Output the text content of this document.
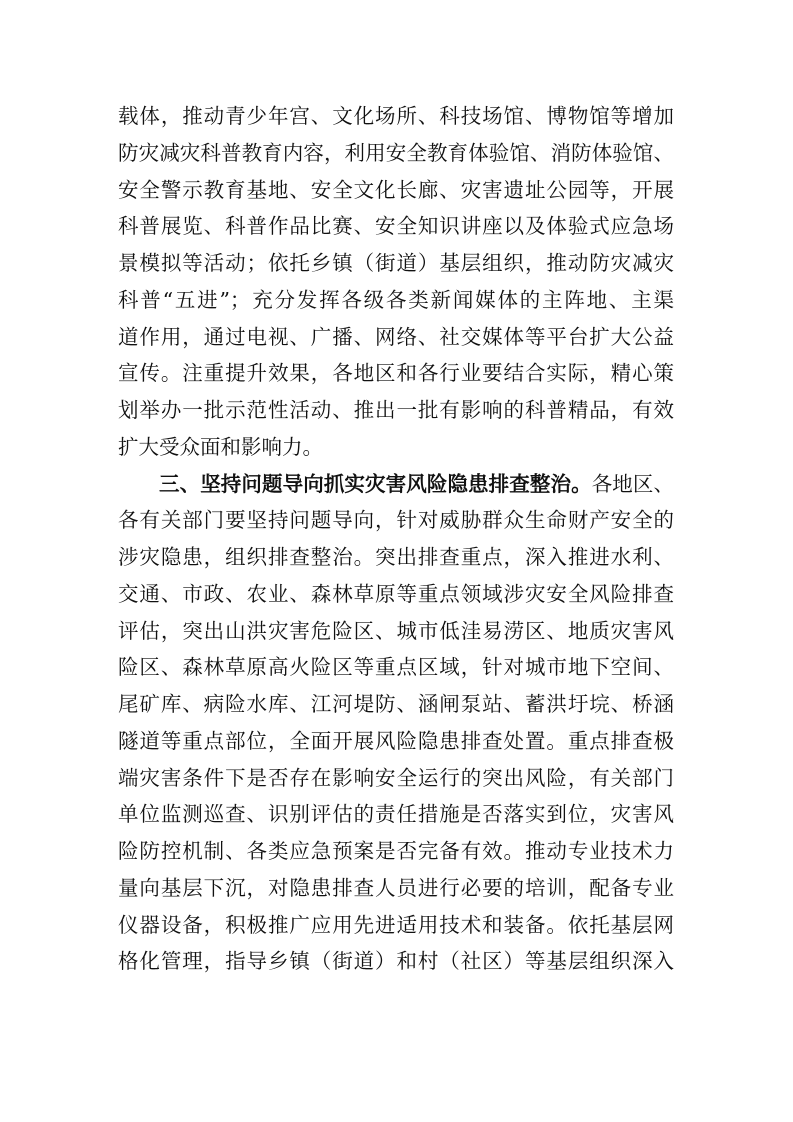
载体，推动青少年宫、文化场所、科技场馆、博物馆等增加
防灾减灾科普教育内容，利用安全教育体验馆、消防体验馆、
安全警示教育基地、安全文化长廊、灾害遗址公园等，开展
科普展览、科普作品比赛、安全知识讲座以及体验式应急场
景模拟等活动；依托乡镇（街道）基层组织，推动防灾减灾
科普“五进”；充分发挥各级各类新闻媒体的主阵地、主渠
道作用，通过电视、广播、网络、社交媒体等平台扩大公益
宣传。注重提升效果，各地区和各行业要结合实际，精心策
划举办一批示范性活动、推出一批有影响的科普精品，有效
扩大受众面和影响力。
三、坚持问题导向抓实灾害风险隐患排查整治。各地区、
各有关部门要坚持问题导向，针对威胁群众生命财产安全的
涉灾隐患，组织排查整治。突出排查重点，深入推进水利、
交通、市政、农业、森林草原等重点领域涉灾安全风险排查
评估，突出山洪灾害危险区、城市低洼易涝区、地质灾害风
险区、森林草原高火险区等重点区域，针对城市地下空间、
尾矿库、病险水库、江河堤防、涵闸泵站、蓄洪圩垸、桥涵
隧道等重点部位，全面开展风险隐患排查处置。重点排查极
端灾害条件下是否存在影响安全运行的突出风险，有关部门
单位监测巡查、识别评估的责任措施是否落实到位，灾害风
险防控机制、各类应急预案是否完备有效。推动专业技术力
量向基层下沉，对隐患排查人员进行必要的培训，配备专业
仪器设备，积极推广应用先进适用技术和装备。依托基层网
格化管理，指导乡镇（街道）和村（社区）等基层组织深入
